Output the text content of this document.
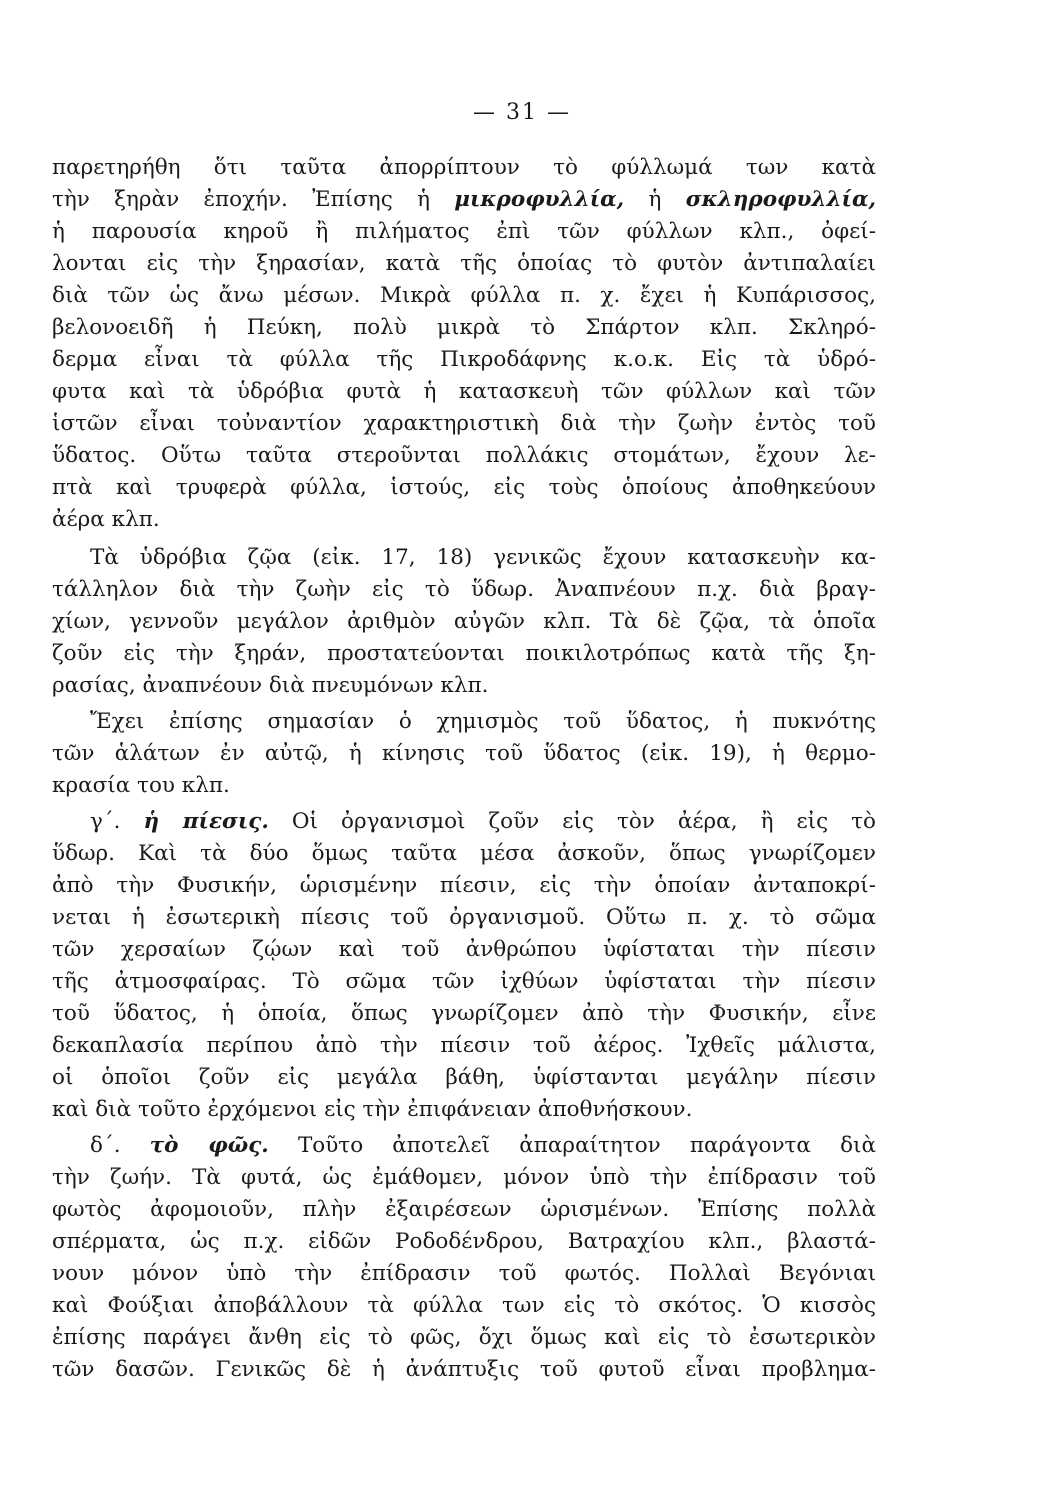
— 31 —
παρετηρήθη ὅτι ταῦτα ἀπορρίπτουν τὸ φύλλωμά των κατὰ
τὴν ξηρὰν ἐποχήν. Ἐπίσης ἡ μικροφυλλία, ἡ σκληροφυλλία,
ἡ παρουσία κηροῦ ἢ πιλήματος ἐπὶ τῶν φύλλων κλπ., ὀφεί-
λονται εἰς τὴν ξηρασίαν, κατὰ τῆς ὁποίας τὸ φυτὸν ἀντιπαλαίει
διὰ τῶν ὡς ἄνω μέσων. Μικρὰ φύλλα π. χ. ἔχει ἡ Κυπάρισσος,
βελονοειδῆ ἡ Πεύκη, πολὺ μικρὰ τὸ Σπάρτον κλπ. Σκληρό-
δερμα εἶναι τὰ φύλλα τῆς Πικροδάφνης κ.ο.κ. Εἰς τὰ ὑδρό-
φυτα καὶ τὰ ὑδρόβια φυτὰ ἡ κατασκευὴ τῶν φύλλων καὶ τῶν
ἱστῶν εἶναι τοὐναντίον χαρακτηριστικὴ διὰ τὴν ζωὴν ἐντὸς τοῦ
ὕδατος. Οὕτω ταῦτα στεροῦνται πολλάκις στομάτων, ἔχουν λε-
πτὰ καὶ τρυφερὰ φύλλα, ἱστούς, εἰς τοὺς ὁποίους ἀποθηκεύουν
ἀέρα κλπ.
Τὰ ὑδρόβια ζῷα (εἰκ. 17, 18) γενικῶς ἔχουν κατασκευὴν κα-
τάλληλον διὰ τὴν ζωὴν εἰς τὸ ὕδωρ. Ἀναπνέουν π.χ. διὰ βραγ-
χίων, γεννοῦν μεγάλον ἀριθμὸν αὐγῶν κλπ. Τὰ δὲ ζῷα, τὰ ὁποῖα
ζοῦν εἰς τὴν ξηράν, προστατεύονται ποικιλοτρόπως κατὰ τῆς ξη-
ρασίας, ἀναπνέουν διὰ πνευμόνων κλπ.
Ἔχει ἐπίσης σημασίαν ὁ χημισμὸς τοῦ ὕδατος, ἡ πυκνότης
τῶν ἁλάτων ἐν αὐτῷ, ἡ κίνησις τοῦ ὕδατος (εἰκ. 19), ἡ θερμο-
κρασία του κλπ.
γ΄. ἡ πίεσις. Οἱ ὀργανισμοὶ ζοῦν εἰς τὸν ἀέρα, ἢ εἰς τὸ
ὕδωρ. Καὶ τὰ δύο ὅμως ταῦτα μέσα ἀσκοῦν, ὅπως γνωρίζομεν
ἀπὸ τὴν Φυσικήν, ὡρισμένην πίεσιν, εἰς τὴν ὁποίαν ἀνταποκρί-
νεται ἡ ἐσωτερικὴ πίεσις τοῦ ὀργανισμοῦ. Οὕτω π. χ. τὸ σῶμα
τῶν χερσαίων ζῴων καὶ τοῦ ἀνθρώπου ὑφίσταται τὴν πίεσιν
τῆς ἀτμοσφαίρας. Τὸ σῶμα τῶν ἰχθύων ὑφίσταται τὴν πίεσιν
τοῦ ὕδατος, ἡ ὁποία, ὅπως γνωρίζομεν ἀπὸ τὴν Φυσικήν, εἶνε
δεκαπλασία περίπου ἀπὸ τὴν πίεσιν τοῦ ἀέρος. Ἰχθεῖς μάλιστα,
οἱ ὁποῖοι ζοῦν εἰς μεγάλα βάθη, ὑφίστανται μεγάλην πίεσιν
καὶ διὰ τοῦτο ἐρχόμενοι εἰς τὴν ἐπιφάνειαν ἀποθνήσκουν.
δ΄. τὸ φῶς. Τοῦτο ἀποτελεῖ ἀπαραίτητον παράγοντα διὰ
τὴν ζωήν. Τὰ φυτά, ὡς ἐμάθομεν, μόνον ὑπὸ τὴν ἐπίδρασιν τοῦ
φωτὸς ἀφομοιοῦν, πλὴν ἐξαιρέσεων ὡρισμένων. Ἐπίσης πολλὰ
σπέρματα, ὡς π.χ. εἰδῶν Ροδοδένδρου, Βατραχίου κλπ., βλαστά-
νουν μόνον ὑπὸ τὴν ἐπίδρασιν τοῦ φωτός. Πολλαὶ Βεγόνιαι
καὶ Φούξιαι ἀποβάλλουν τὰ φύλλα των εἰς τὸ σκότος. Ὁ κισσὸς
ἐπίσης παράγει ἄνθη εἰς τὸ φῶς, ὄχι ὅμως καὶ εἰς τὸ ἐσωτερικὸν
τῶν δασῶν. Γενικῶς δὲ ἡ ἀνάπτυξις τοῦ φυτοῦ εἶναι προβλημα-
